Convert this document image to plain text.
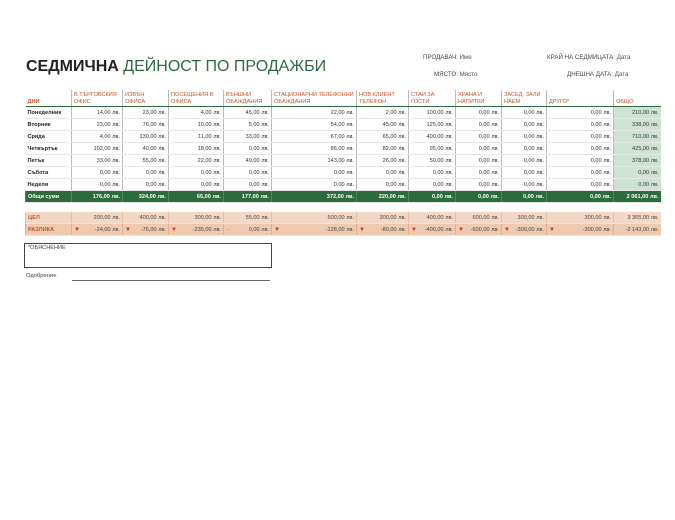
СЕДМИЧНА ДЕЙНОСТ ПО ПРОДАЖБИ
ПРОДАВАЧ: Име	КРАЙ НА СЕДМИЦАТА: Дата
МЯСТО: Място	ДНЕШНА ДАТА: Дата
ДНИ	В ТЪРГОВСКИЯ ОФИС	ИЗВЪН ОФИСА	ПОСЕЩЕНИЯ В ОФИСА	ВЪНШНИ ОБАЖДАНИЯ	СТАЦИОНАРНИ ТЕЛЕФОННИ ОБАЖДАНИЯ	НОВ КЛИЕНТ ТЕЛЕФОН	СТАИ ЗА ГОСТИ	ХРАНА И НАПИТКИ	ЗАСЕД. ЗАЛИ НАЕМ	ДРУГО*	ОБЩО
Понеделник	14,00 лв.	23,00 лв.	4,00 лв.	45,00 лв.	22,00 лв.	2,00 лв.	100,00 лв.	0,00 лв.	0,00 лв.	0,00 лв.	210,00 лв.
Вторник	23,00 лв.	76,00 лв.	10,00 лв.	5,00 лв.	54,00 лв.	45,00 лв.	125,00 лв.	0,00 лв.	0,00 лв.	0,00 лв.	338,00 лв.
Сряда	4,00 лв.	130,00 лв.	11,00 лв.	33,00 лв.	67,00 лв.	65,00 лв.	400,00 лв.	0,00 лв.	0,00 лв.	0,00 лв.	710,00 лв.
Четвъртък	102,00 лв.	40,00 лв.	18,00 лв.	0,00 лв.	86,00 лв.	82,00 лв.	95,00 лв.	0,00 лв.	0,00 лв.	0,00 лв.	425,00 лв.
Петък	33,00 лв.	55,00 лв.	22,00 лв.	49,00 лв.	143,00 лв.	26,00 лв.	50,00 лв.	0,00 лв.	0,00 лв.	0,00 лв.	378,00 лв.
Събота	0,00 лв.	0,00 лв.	0,00 лв.	0,00 лв.	0,00 лв.	0,00 лв.	0,00 лв.	0,00 лв.	0,00 лв.	0,00 лв.	0,00 лв.
Неделя	0,00 лв.	0,00 лв.	0,00 лв.	0,00 лв.	0,00 лв.	0,00 лв.	0,00 лв.	0,00 лв.	0,00 лв.	0,00 лв.	0,00 лв.
Общи суми	176,00 лв.	324,00 лв.	65,00 лв.	177,00 лв.	372,00 лв.	220,00 лв.	0,00 лв.	0,00 лв.	0,00 лв.	0,00 лв.	2 061,00 лв.

ЦЕЛ	200,00 лв.	400,00 лв.	300,00 лв.	55,00 лв.	500,00 лв.	300,00 лв.	400,00 лв.	600,00 лв.	300,00 лв.	300,00 лв.	3 365,00 лв.
РАЗЛИКА	▼ -24,00 лв.	▼ -76,00 лв.	▼ -235,00 лв.	⇔ 0,00 лв.	▼ -128,00 лв.	▼ -80,00 лв.	▼ -400,00 лв.	▼ -600,00 лв.	▼ -300,00 лв.	▼ -300,00 лв.	-2 143,00 лв.
*ОБЯСНЕНИЕ
Одобрение
